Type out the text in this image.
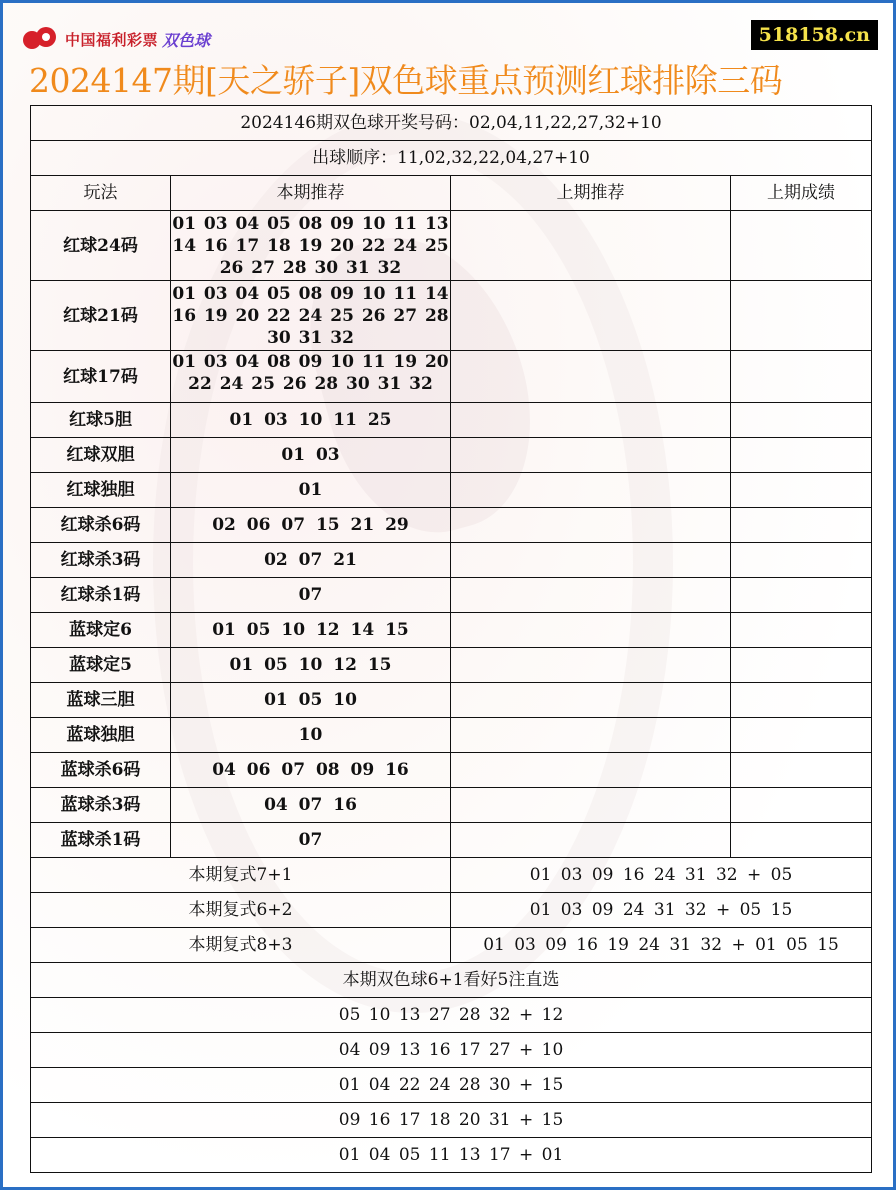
中国福利彩票 双色球	518158.cn
2024147期[天之骄子]双色球重点预测红球排除三码
2024146期双色球开奖号码：02,04,11,22,27,32+10			
出球顺序：11,02,32,22,04,27+10			
玩法	本期推荐	上期推荐	上期成绩
红球24码	01 03 04 05 08 09 10 11 13 14 16 17 18 19 20 22 24 25 26 27 28 30 31 32		
红球21码	01 03 04 05 08 09 10 11 14 16 19 20 22 24 25 26 27 28 30 31 32		
红球17码	01 03 04 08 09 10 11 19 20 22 24 25 26 28 30 31 32		
红球5胆	01 03 10 11 25		
红球双胆	01 03		
红球独胆	01		
红球杀6码	02 06 07 15 21 29		
红球杀3码	02 07 21		
红球杀1码	07		
蓝球定6	01 05 10 12 14 15		
蓝球定5	01 05 10 12 15		
蓝球三胆	01 05 10		
蓝球独胆	10		
蓝球杀6码	04 06 07 08 09 16		
蓝球杀3码	04 07 16		
蓝球杀1码	07		
本期复式7+1		01 03 09 16 24 31 32 + 05	
本期复式6+2		01 03 09 24 31 32 + 05 15	
本期复式8+3		01 03 09 16 19 24 31 32 + 01 05 15	
本期双色球6+1看好5注直选			
05 10 13 27 28 32 + 12			
04 09 13 16 17 27 + 10			
01 04 22 24 28 30 + 15			
09 16 17 18 20 31 + 15			
01 04 05 11 13 17 + 01			
